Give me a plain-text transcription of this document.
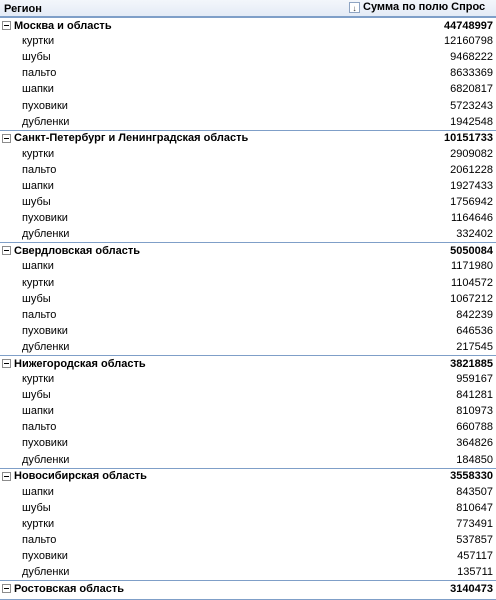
Регион	↓ Сумма по полю Спрос
Москва и область	44748997
куртки	12160798
шубы	9468222
пальто	8633369
шапки	6820817
пуховики	5723243
дубленки	1942548
Санкт-Петербург и Ленинградская область	10151733
куртки	2909082
пальто	2061228
шапки	1927433
шубы	1756942
пуховики	1164646
дубленки	332402
Свердловская область	5050084
шапки	1171980
куртки	1104572
шубы	1067212
пальто	842239
пуховики	646536
дубленки	217545
Нижегородская область	3821885
куртки	959167
шубы	841281
шапки	810973
пальто	660788
пуховики	364826
дубленки	184850
Новосибирская область	3558330
шапки	843507
шубы	810647
куртки	773491
пальто	537857
пуховики	457117
дубленки	135711
Ростовская область	3140473
